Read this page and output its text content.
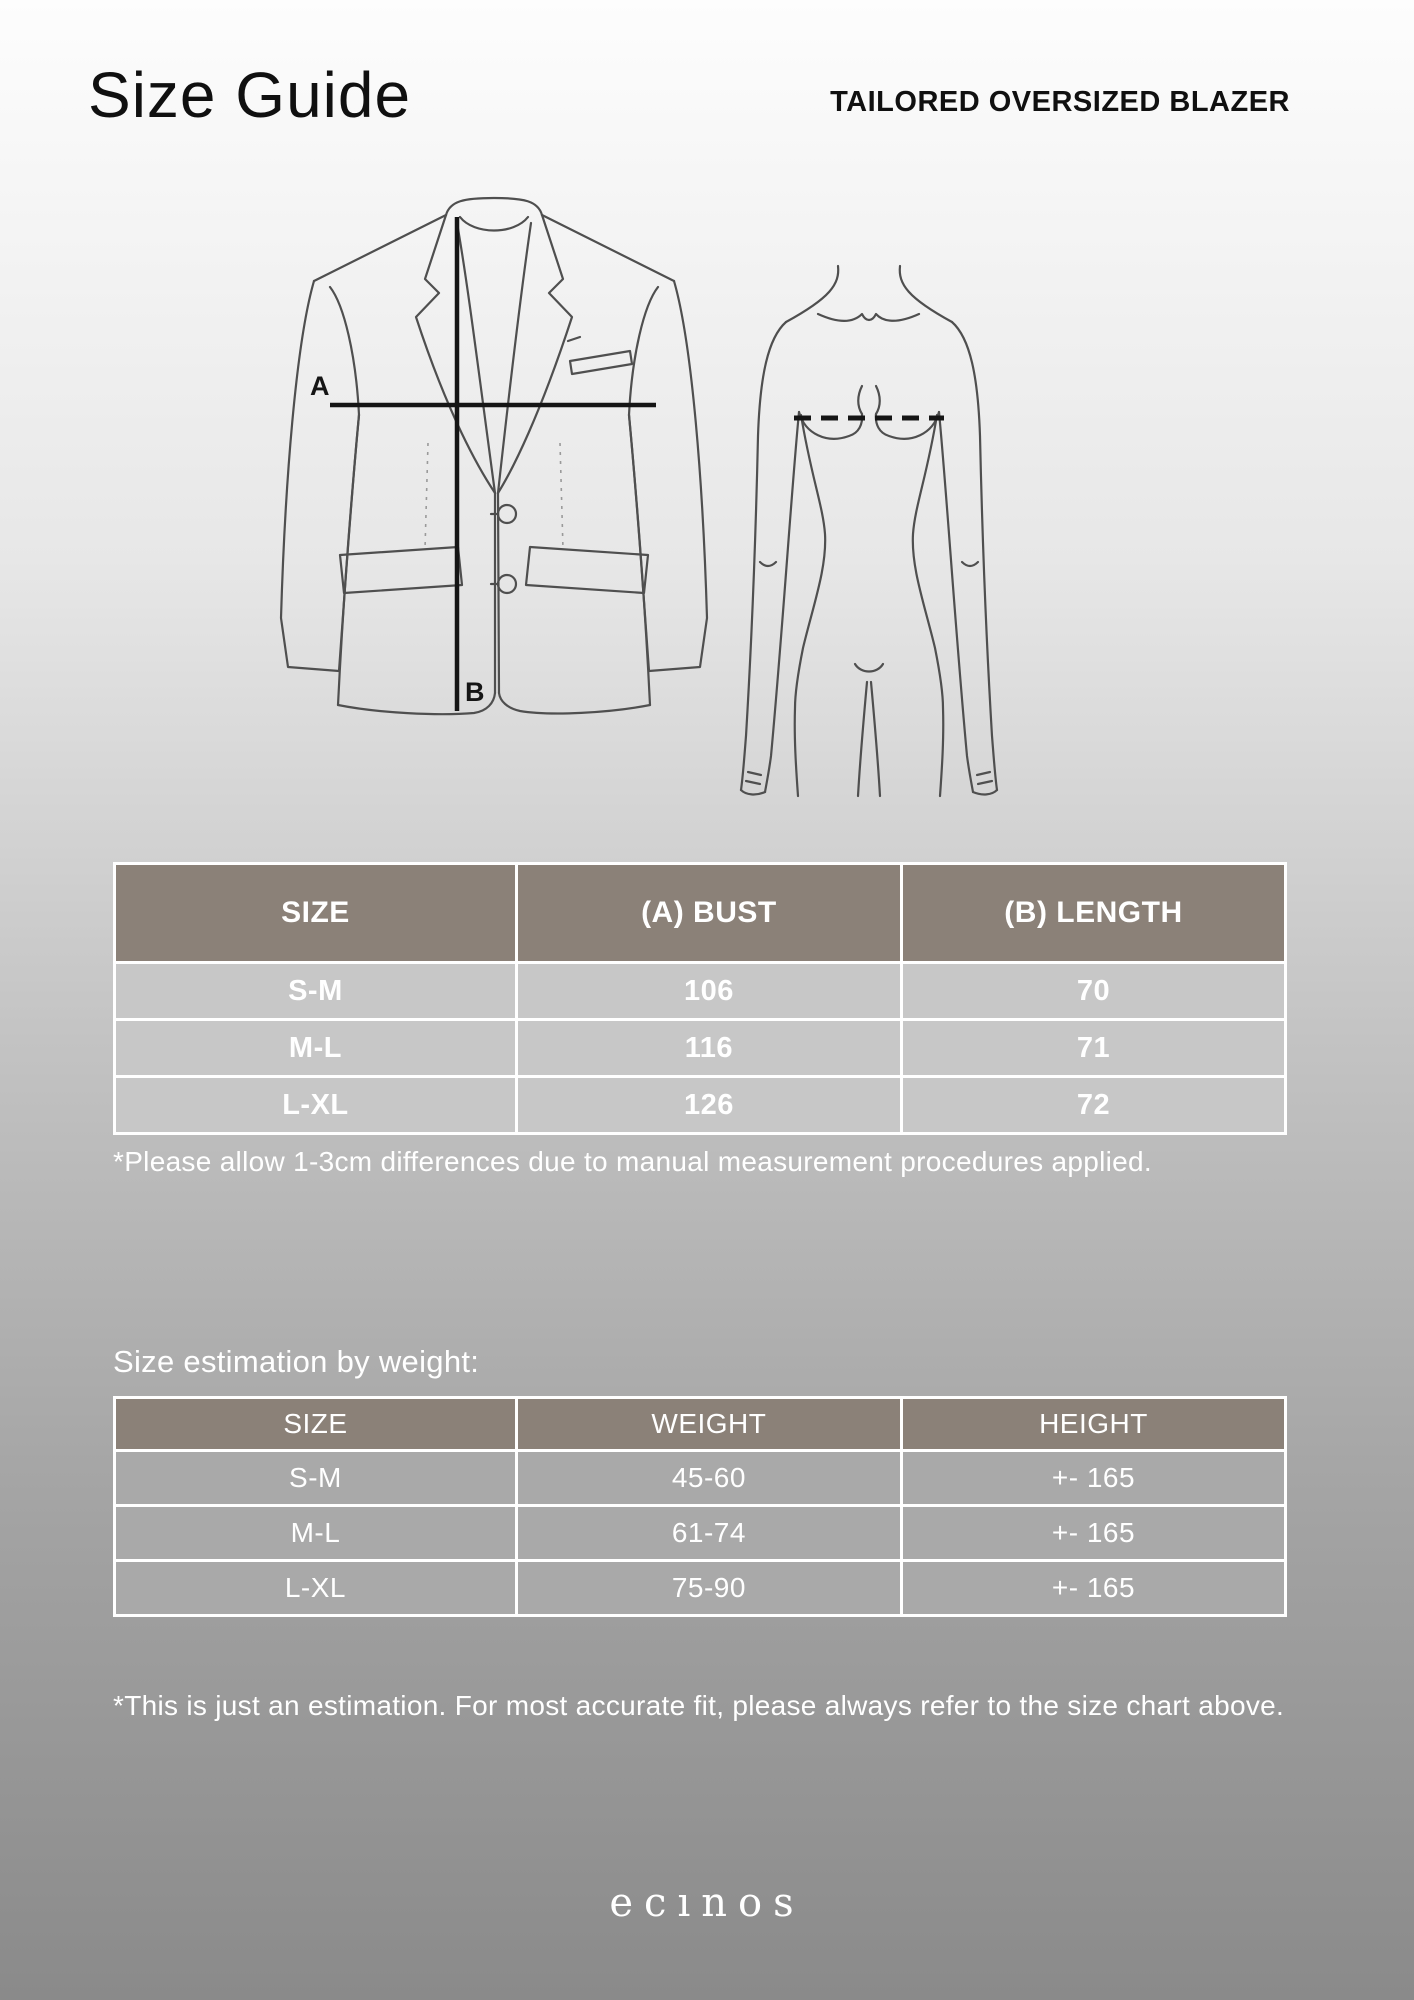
Size Guide	TAILORED OVERSIZED BLAZER
A
B
SIZE	(A) BUST	(B) LENGTH
S-M	106	70
M-L	116	71
L-XL	126	72
*Please allow 1-3cm differences due to manual measurement procedures applied.
Size estimation by weight:
SIZE	WEIGHT	HEIGHT
S-M	45-60	+- 165
M-L	61-74	+- 165
L-XL	75-90	+- 165
*This is just an estimation. For most accurate fit, please always refer to the size chart above.
ecınos
